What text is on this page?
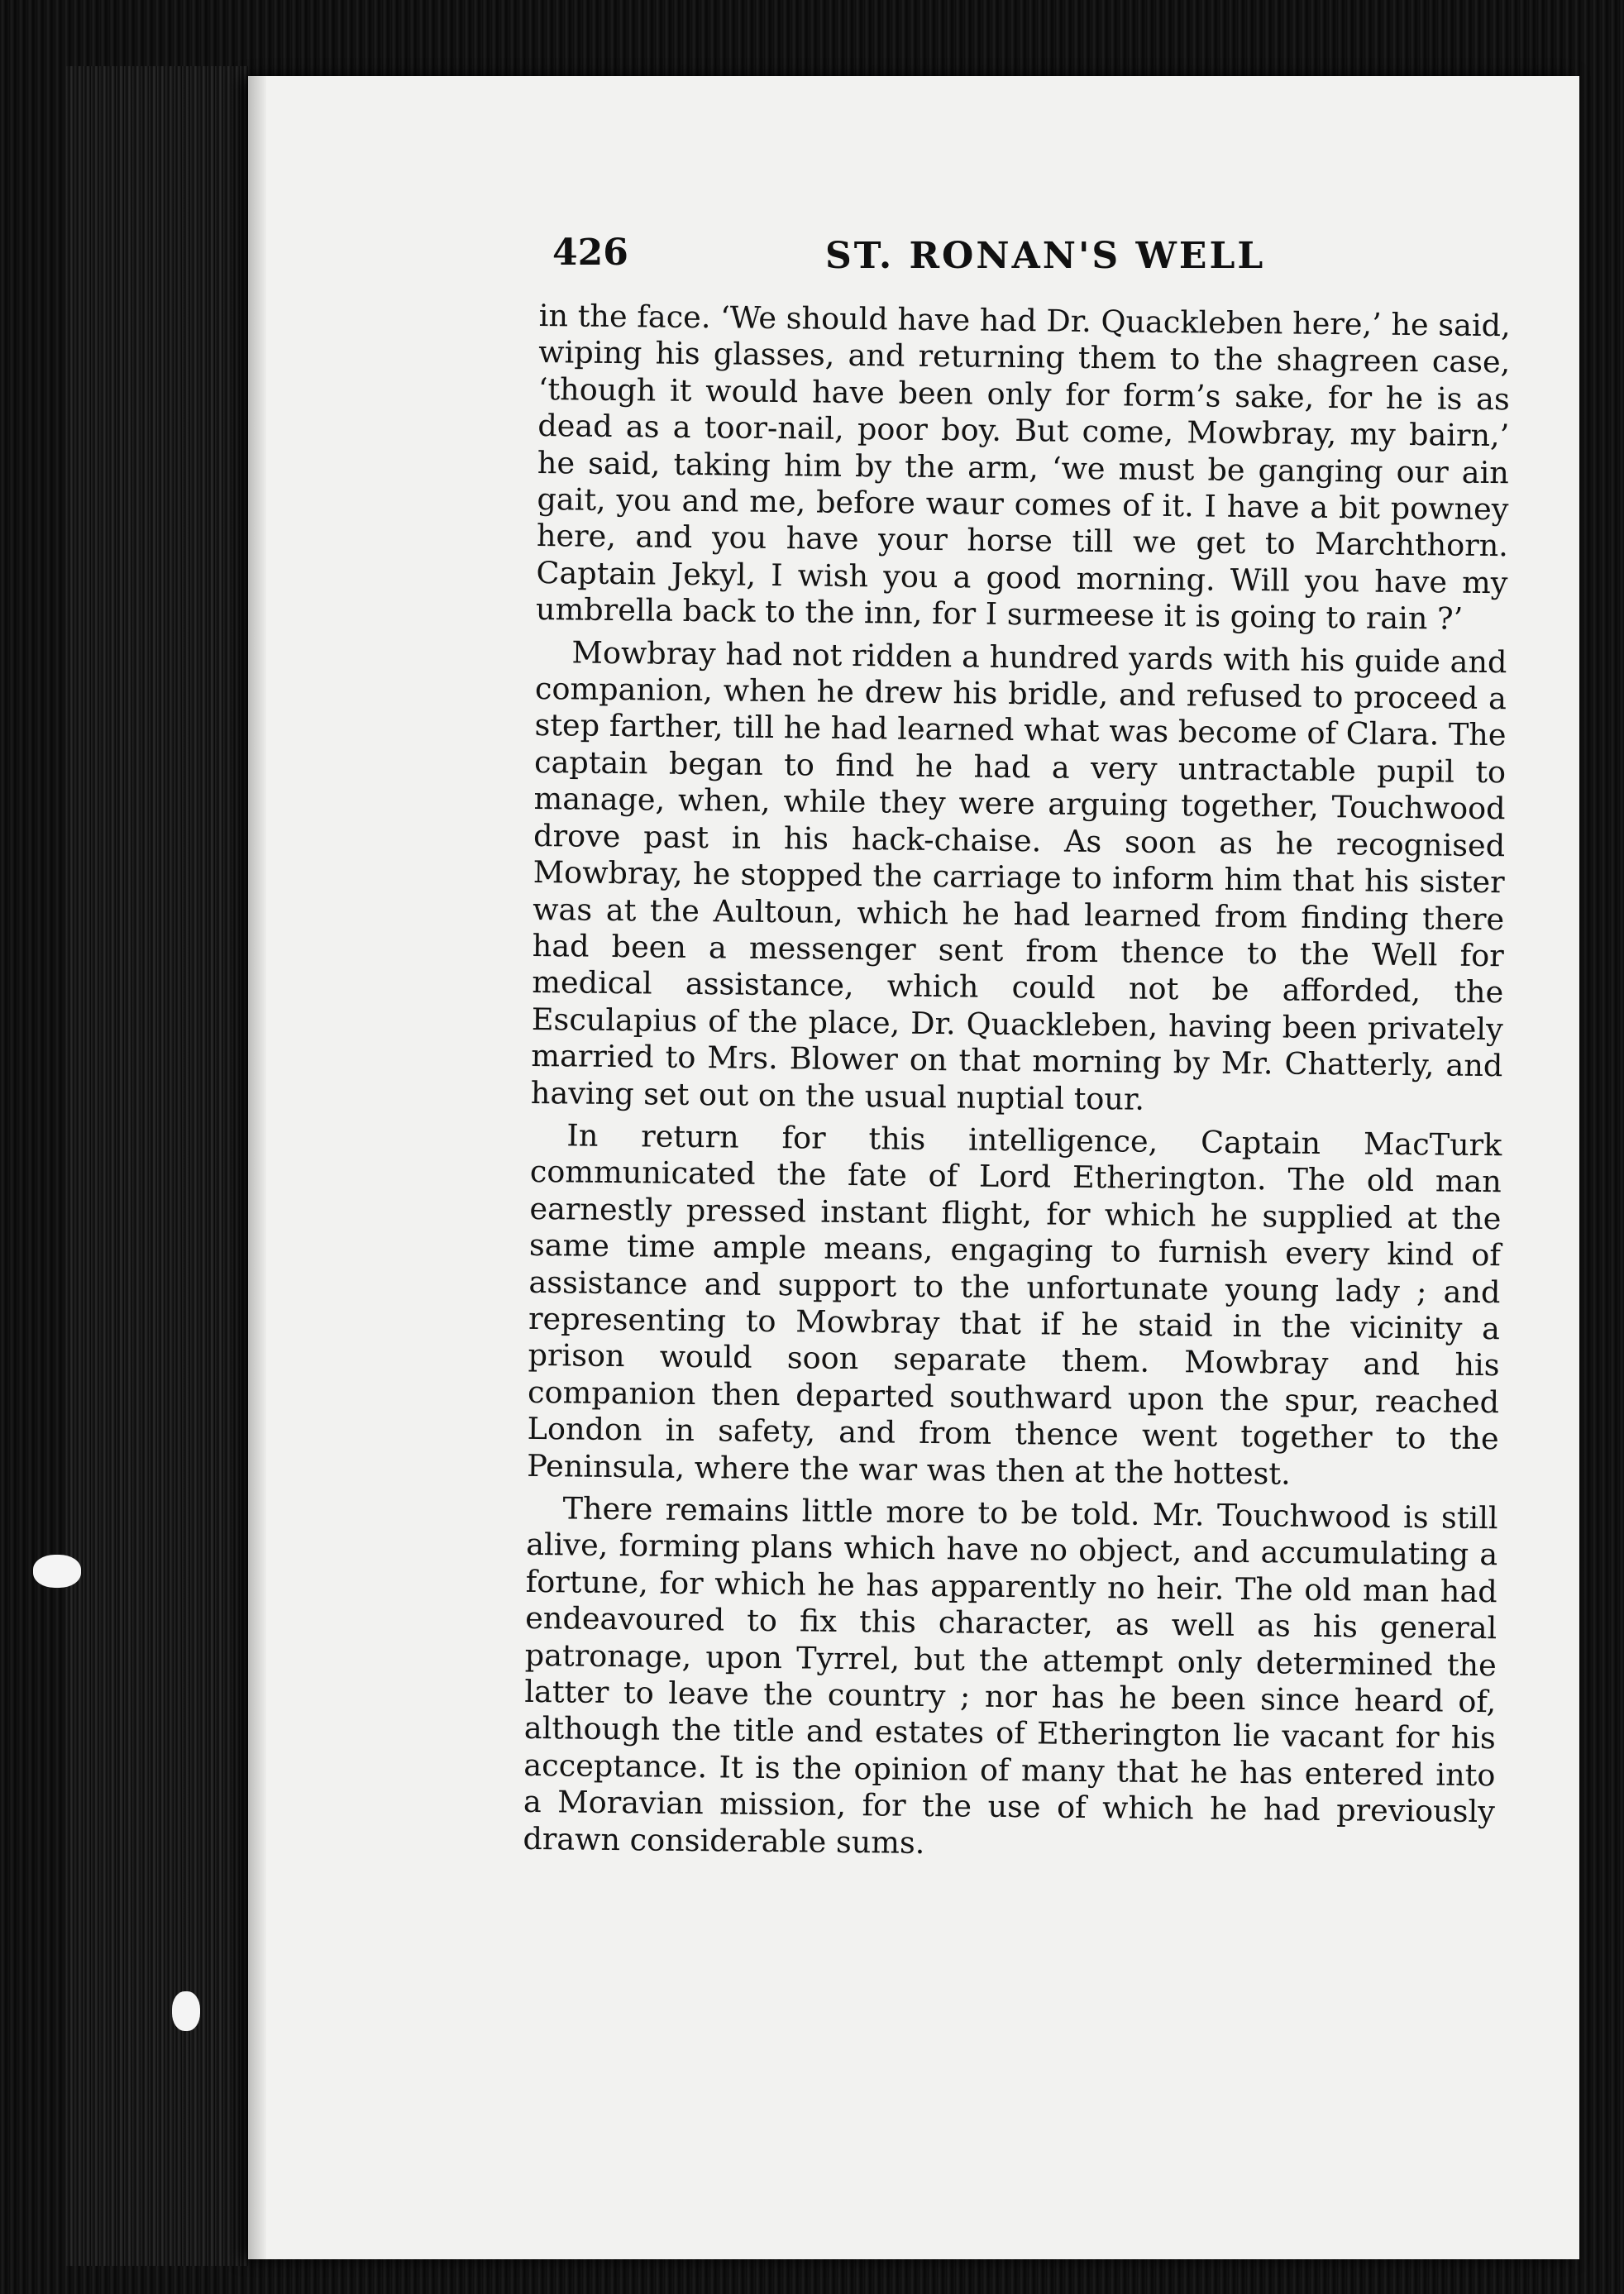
426	ST. RONAN'S WELL

in the face. ‘We should have had Dr. Quackleben here,’ he said, wiping his glasses, and returning them to the shagreen case, ‘though it would have been only for form’s sake, for he is as dead as a toor-nail, poor boy. But come, Mowbray, my bairn,’ he said, taking him by the arm, ‘we must be ganging our ain gait, you and me, before waur comes of it. I have a bit powney here, and you have your horse till we get to Marchthorn. Captain Jekyl, I wish you a good morning. Will you have my umbrella back to the inn, for I surmeese it is going to rain ?’

Mowbray had not ridden a hundred yards with his guide and companion, when he drew his bridle, and refused to proceed a step farther, till he had learned what was become of Clara. The captain began to find he had a very untractable pupil to manage, when, while they were arguing together, Touchwood drove past in his hack-chaise. As soon as he recognised Mowbray, he stopped the carriage to inform him that his sister was at the Aultoun, which he had learned from finding there had been a messenger sent from thence to the Well for medical assistance, which could not be afforded, the Esculapius of the place, Dr. Quackleben, having been privately married to Mrs. Blower on that morning by Mr. Chatterly, and having set out on the usual nuptial tour.

In return for this intelligence, Captain MacTurk communicated the fate of Lord Etherington. The old man earnestly pressed instant flight, for which he supplied at the same time ample means, engaging to furnish every kind of assistance and support to the unfortunate young lady ; and representing to Mowbray that if he staid in the vicinity a prison would soon separate them. Mowbray and his companion then departed southward upon the spur, reached London in safety, and from thence went together to the Peninsula, where the war was then at the hottest.

There remains little more to be told. Mr. Touchwood is still alive, forming plans which have no object, and accumulating a fortune, for which he has apparently no heir. The old man had endeavoured to fix this character, as well as his general patronage, upon Tyrrel, but the attempt only determined the latter to leave the country ; nor has he been since heard of, although the title and estates of Etherington lie vacant for his acceptance. It is the opinion of many that he has entered into a Moravian mission, for the use of which he had previously drawn considerable sums.
